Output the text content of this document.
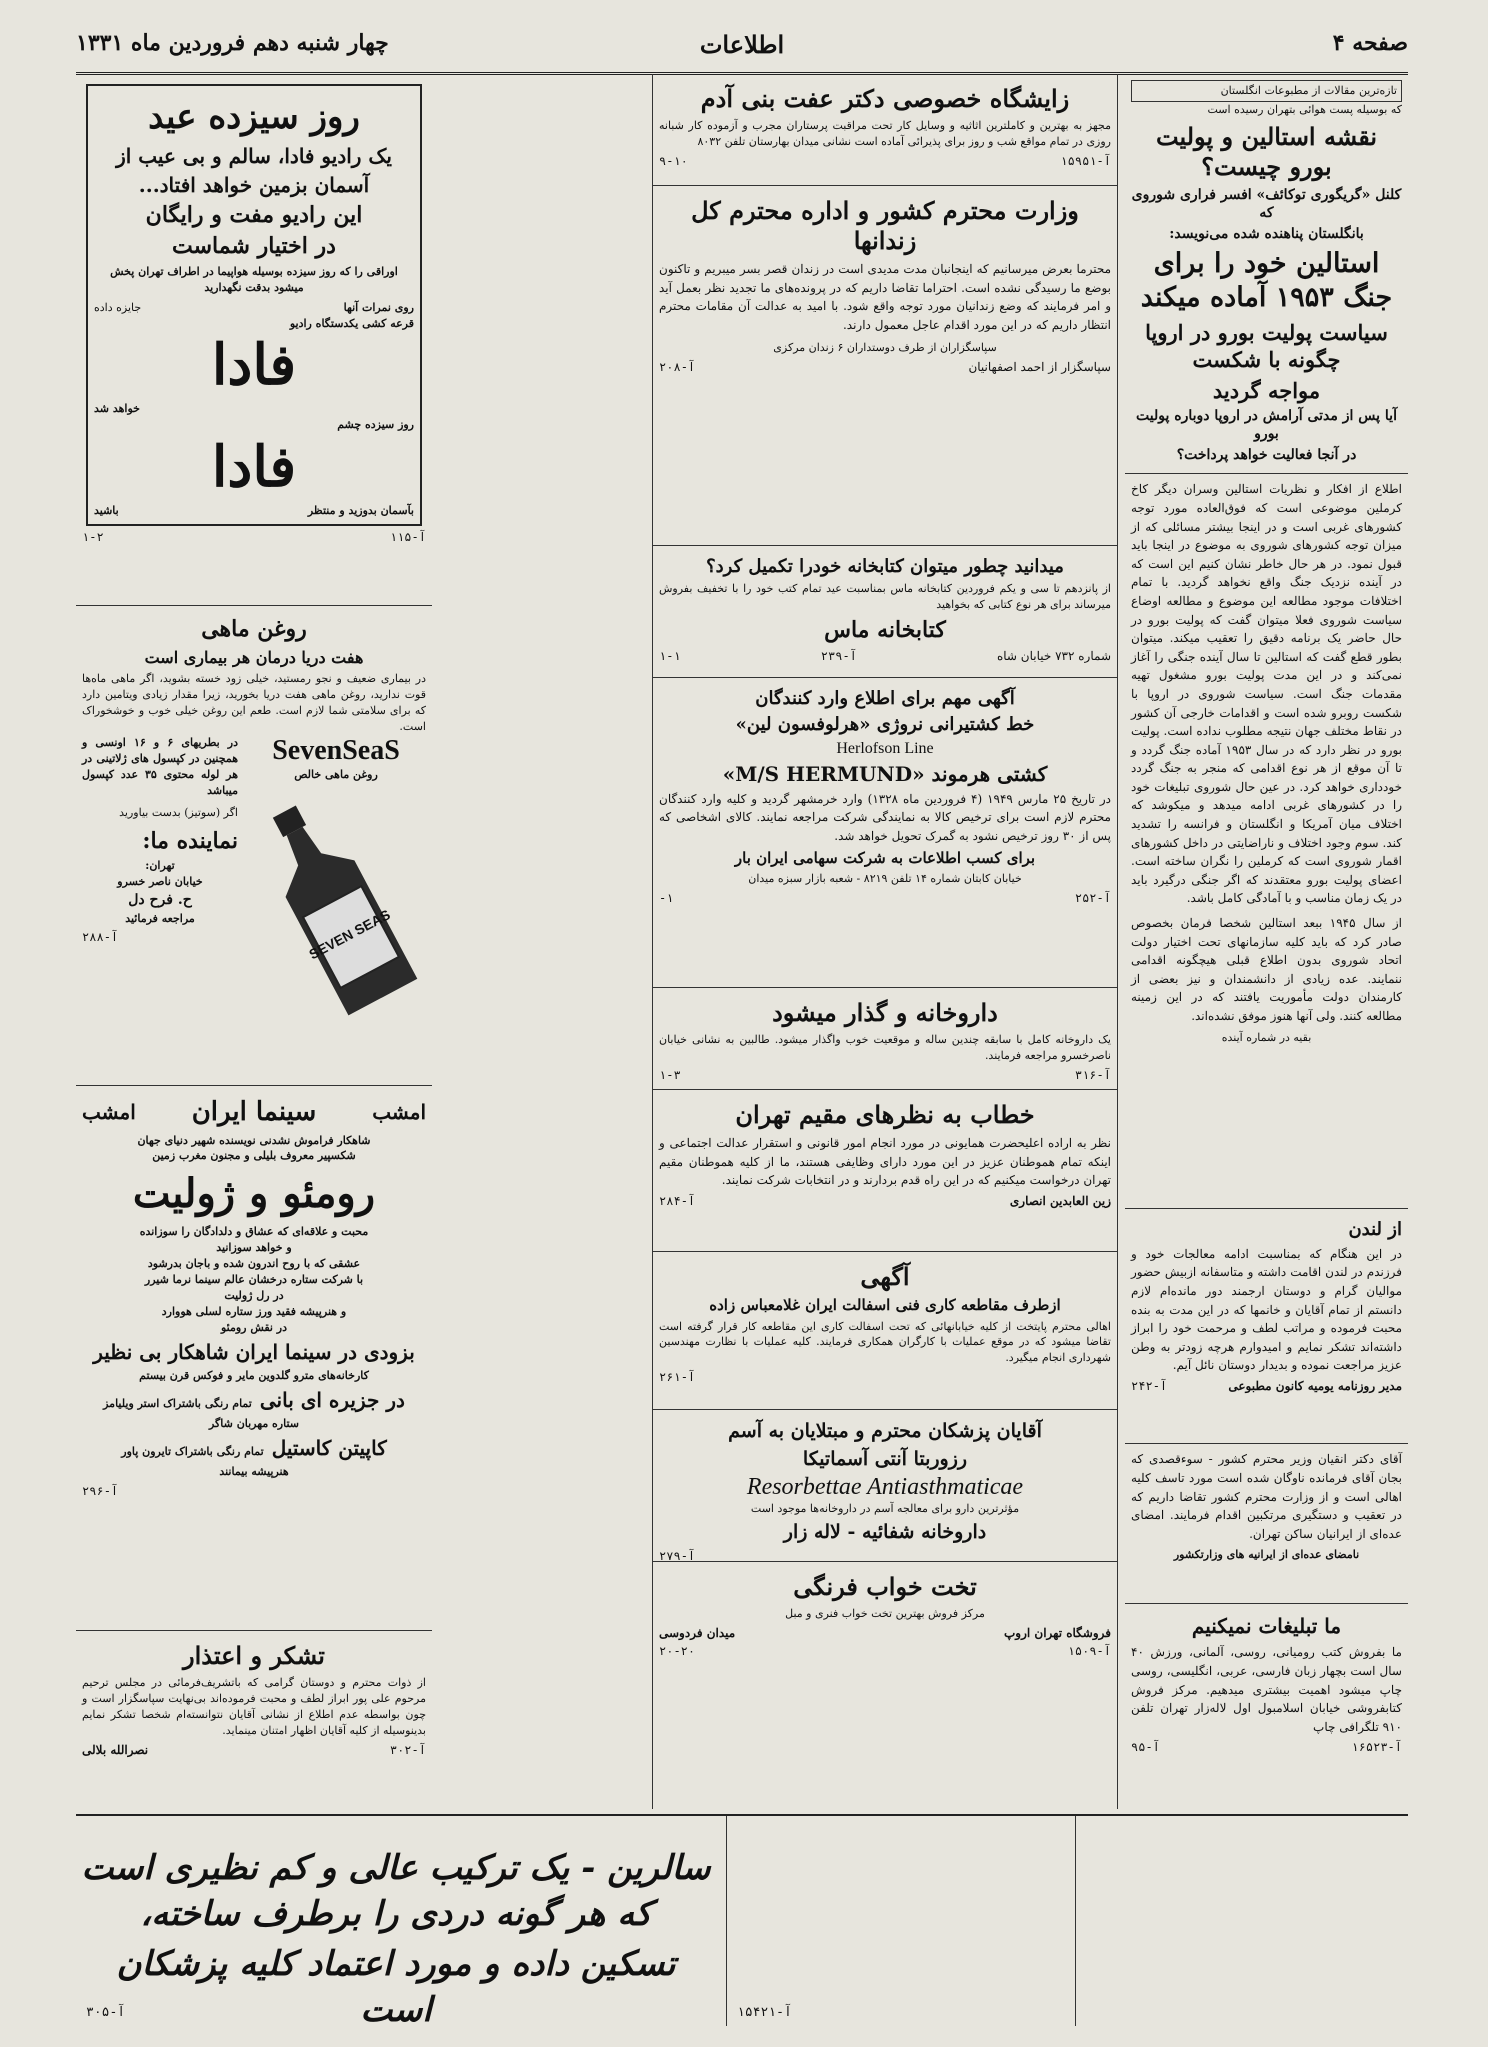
صفحه ۴
اطلاعات
چهار شنبه دهم فروردین ماه ۱۳۳۱
تازه‌ترین مقالات از مطبوعات انگلستان
که بوسیله پست هوائی بتهران رسیده است
نقشه استالین و پولیت بورو چیست؟
کلنل «گریگوری توکائف» افسر فراری شوروی که
بانگلستان پناهنده شده می‌نویسد:
استالین خود را برای جنگ ۱۹۵۳ آماده میکند
سیاست پولیت بورو در اروپا چگونه با شکست
مواجه گردید
آیا پس از مدتی آرامش در اروپا دوباره پولیت بورو
در آنجا فعالیت خواهد پرداخت؟
اطلاع از افکار و نظریات استالین وسران دیگر کاخ کرملین موضوعی است که فوق‌العاده مورد توجه کشورهای غربی است و در اینجا بیشتر مسائلی که از میزان توجه کشورهای شوروی به موضوع در اینجا باید قبول نمود. در هر حال خاطر نشان کنیم این است که در آینده نزدیک جنگ واقع نخواهد گردید. با تمام اختلافات موجود مطالعه این موضوع و مطالعه اوضاع سیاست شوروی فعلا میتوان گفت که پولیت بورو در حال حاضر یک برنامه دقیق را تعقیب میکند. میتوان بطور قطع گفت که استالین تا سال آینده جنگی را آغاز نمی‌کند و در این مدت پولیت بورو مشغول تهیه مقدمات جنگ است. سیاست شوروی در اروپا با شکست روبرو شده است و اقدامات خارجی آن کشور در نقاط مختلف جهان نتیجه مطلوب نداده است. پولیت بورو در نظر دارد که در سال ۱۹۵۳ آماده جنگ گردد و تا آن موقع از هر نوع اقدامی که منجر به جنگ گردد خودداری خواهد کرد. در عین حال شوروی تبلیغات خود را در کشورهای غربی ادامه میدهد و میکوشد که اختلاف میان آمریکا و انگلستان و فرانسه را تشدید کند. سوم وجود اختلاف و ناراضایتی در داخل کشورهای اقمار شوروی است که کرملین را نگران ساخته است. اعضای پولیت بورو معتقدند که اگر جنگی درگیرد باید در یک زمان مناسب و با آمادگی کامل باشد.
از سال ۱۹۴۵ ببعد استالین شخصا فرمان بخصوص صادر کرد که باید کلیه سازمانهای تحت اختیار دولت اتحاد شوروی بدون اطلاع قبلی هیچگونه اقدامی ننمایند. عده زیادی از دانشمندان و نیز بعضی از کارمندان دولت مأموریت یافتند که در این زمینه مطالعه کنند. ولی آنها هنوز موفق نشده‌اند.
بقیه در شماره آینده
از لندن
در این هنگام که بمناسبت ادامه معالجات خود و فرزندم در لندن اقامت داشته و متاسفانه ازبیش حضور موالیان گرام و دوستان ارجمند دور مانده‌ام لازم دانستم از تمام آقایان و خانمها که در این مدت به بنده محبت فرموده و مراتب لطف و مرحمت خود را ابراز داشته‌اند تشکر نمایم و امیدوارم هرچه زودتر به وطن عزیز مراجعت نموده و بدیدار دوستان نائل آیم.
مدیر روزنامه یومیه کانون مطبوعی
آ-۲۴۲
آقای دکتر انقیان وزیر محترم کشور - سوءقصدی که بجان آقای فرمانده ناوگان شده است مورد تاسف کلیه اهالی است و از وزارت محترم کشور تقاضا داریم که در تعقیب و دستگیری مرتکبین اقدام فرمایند. امضای عده‌ای از ایرانیان ساکن تهران.
نامضای عده‌ای از ایرانیه های وزارتکشور
ما تبلیغات نمیکنیم
ما بفروش کتب رومیانی، روسی، آلمانی، ورزش ۴۰ سال است بچهار زبان فارسی، عربی، انگلیسی، روسی چاپ میشود اهمیت بیشتری میدهیم. مرکز فروش کتابفروشی خیابان اسلامبول اول لاله‌زار تهران تلفن ۹۱۰ تلگرافی چاپ
آ-۱۶۵۲۳
آ-۹۵
زایشگاه خصوصی دکتر عفت بنی آدم
مجهز به بهترین و کاملترین اثاثیه و وسایل کار تحت مراقبت پرستاران مجرب و آزموده کار شبانه روزی در تمام مواقع شب و روز برای پذیرائی آماده است نشانی میدان بهارستان تلفن ۸۰۳۲
آ-۱۵۹۵۱
۹-۱۰
وزارت محترم کشور و اداره محترم کل زندانها
محترما بعرض میرسانیم که اینجانبان مدت مدیدی است در زندان قصر بسر میبریم و تاکنون بوضع ما رسیدگی نشده است. احتراما تقاضا داریم که در پرونده‌های ما تجدید نظر بعمل آید و امر فرمایند که وضع زندانیان مورد توجه واقع شود. با امید به عدالت آن مقامات محترم انتظار داریم که در این مورد اقدام عاجل معمول دارند.
سپاسگزاران از طرف دوستداران ۶ زندان مرکزی
سپاسگزار از احمد اصفهانیان
آ-۲۰۸
میدانید چطور میتوان کتابخانه خودرا تکمیل کرد؟
از پانزدهم تا سی و یکم فروردین کتابخانه ماس بمناسبت عید تمام کتب خود را با تخفیف بفروش میرساند برای هر نوع کتابی که بخواهید
کتابخانه ماس
شماره ۷۳۲ خیابان شاه
آ-۲۳۹
۱-۱
آگهی مهم برای اطلاع وارد کنندگان
خط کشتیرانی نروژی «هرلوفسون لین»
Herlofson Line
کشتی هرموند «M/S HERMUND»
در تاریخ ۲۵ مارس ۱۹۴۹ (۴ فروردین ماه ۱۳۲۸) وارد خرمشهر گردید و کلیه وارد کنندگان محترم لازم است برای ترخیص کالا به نمایندگی شرکت مراجعه نمایند. کالای اشخاصی که پس از ۳۰ روز ترخیص نشود به گمرک تحویل خواهد شد.
برای کسب اطلاعات به شرکت سهامی ایران بار
خیابان کابتان شماره ۱۴ تلفن ۸۲۱۹ - شعبه بازار سبزه میدان
آ-۲۵۲
۱-
داروخانه و گذار میشود
یک داروخانه کامل با سابقه چندین ساله و موقعیت خوب واگذار میشود. طالبین به نشانی خیابان ناصرخسرو مراجعه فرمایند.
آ-۳۱۶
۱-۳
خطاب به نظرهای مقیم تهران
نظر به اراده اعلیحضرت همایونی در مورد انجام امور قانونی و استقرار عدالت اجتماعی و اینکه تمام هموطنان عزیز در این مورد دارای وظایفی هستند، ما از کلیه هموطنان مقیم تهران درخواست میکنیم که در این راه قدم بردارند و در انتخابات شرکت نمایند.
زین العابدین انصاری
آ-۲۸۴
آگهی
ازطرف مقاطعه کاری فنی اسفالت ایران غلامعباس زاده
اهالی محترم پایتخت از کلیه خیابانهائی که تحت اسفالت کاری این مقاطعه کار قرار گرفته است تقاضا میشود که در موقع عملیات با کارگران همکاری فرمایند. کلیه عملیات با نظارت مهندسین شهرداری انجام میگیرد.
آ-۲۶۱
آقایان پزشکان محترم و مبتلایان به آسم
رزوربتا آنتی آسماتیکا
Resorbettae Antiasthmaticae
مؤثرترین دارو برای معالجه آسم در داروخانه‌ها موجود است
داروخانه شفائیه - لاله زار
آ-۲۷۹
تخت خواب فرنگی
مرکز فروش بهترین تخت خواب فنری و مبل
فروشگاه تهران اروپ
میدان فردوسی
آ-۱۵۰۹
۲۰-۲۰
روز سیزده عید
یک رادیو فادا، سالم و بی عیب از
آسمان بزمین خواهد افتاد...
این رادیو مفت و رایگان
در اختیار شماست
اوراقی را که روز سیزده بوسیله هواپیما در اطراف تهران پخش میشود بدقت نگهدارید
روی نمرات آنها
جایزه داده
قرعه کشی یکدستگاه رادیو
فادا
خواهد شد
روز سیزده چشم
فادا
بآسمان بدوزید و منتظر
باشید
آ-۱۱۵
۱-۲
روغن ماهی
هفت دریا درمان هر بیماری است
در بیماری ضعیف و نجو رمستید، خیلی زود خسته بشوید، اگر ماهی ماه‌ها قوت ندارید، روغن ماهی هفت دریا بخورید، زیرا مقدار زیادی ویتامین دارد که برای سلامتی شما لازم است. طعم این روغن خیلی خوب و خوشخوراک است.
SevenSeaS
روغن ماهی خالص
SEVEN SEAS
در بطریهای ۶ و ۱۶ اونسی و همچنین در کپسول های ژلاتینی در هر لوله محتوی ۳۵ عدد کپسول میباشد
اگر (سوتیز) بدست بیاورید
نماینده ما:
تهران:
خیابان ناصر خسرو
ح. فرح دل
مراجعه فرمائید
آ-۲۸۸
امشب
سینما ایران
امشب
شاهکار فراموش نشدنی نویسنده شهیر دنیای جهان
شکسپیر معروف بلیلی و مجنون مغرب زمین
رومئو و ژولیت
محبت و علاقه‌ای که عشاق و دلدادگان را سوزانده
و خواهد سوزانید
عشقی که با روح اندرون شده و باجان بدرشود
با شرکت ستاره درخشان عالم سینما نرما شیرر
در رل ژولیت
و هنرپیشه فقید ورز ستاره لسلی هووارد
در نقش رومئو
بزودی در سینما ایران شاهکار بی نظیر
کارخانه‌های مترو گلدوین مایر و فوکس قرن بیستم
در جزیره ای بانی
تمام رنگی باشتراک استر ویلیامز
ستاره مهربان شاگر
کاپیتن کاستیل
تمام رنگی باشتراک تایرون پاور
هنرپیشه بیمانند
آ-۲۹۶
تشکر و اعتذار
از ذوات محترم و دوستان گرامی که باتشریف‌فرمائی در مجلس ترحیم مرحوم علی پور ابراز لطف و محبت فرموده‌اند بی‌نهایت سپاسگزار است و چون بواسطه عدم اطلاع از نشانی آقایان نتوانسته‌ام شخصا تشکر نمایم بدینوسیله از کلیه آقایان اظهار امتنان مینماید.
آ-۳۰۲
نصرالله بلالی
سالرین - یک ترکیب عالی و کم نظیری است که هر گونه دردی را برطرف ساخته،
تسکین داده و مورد اعتماد کلیه پزشکان است
آ-۳۰۵	آ-۱۵۴۲۱
